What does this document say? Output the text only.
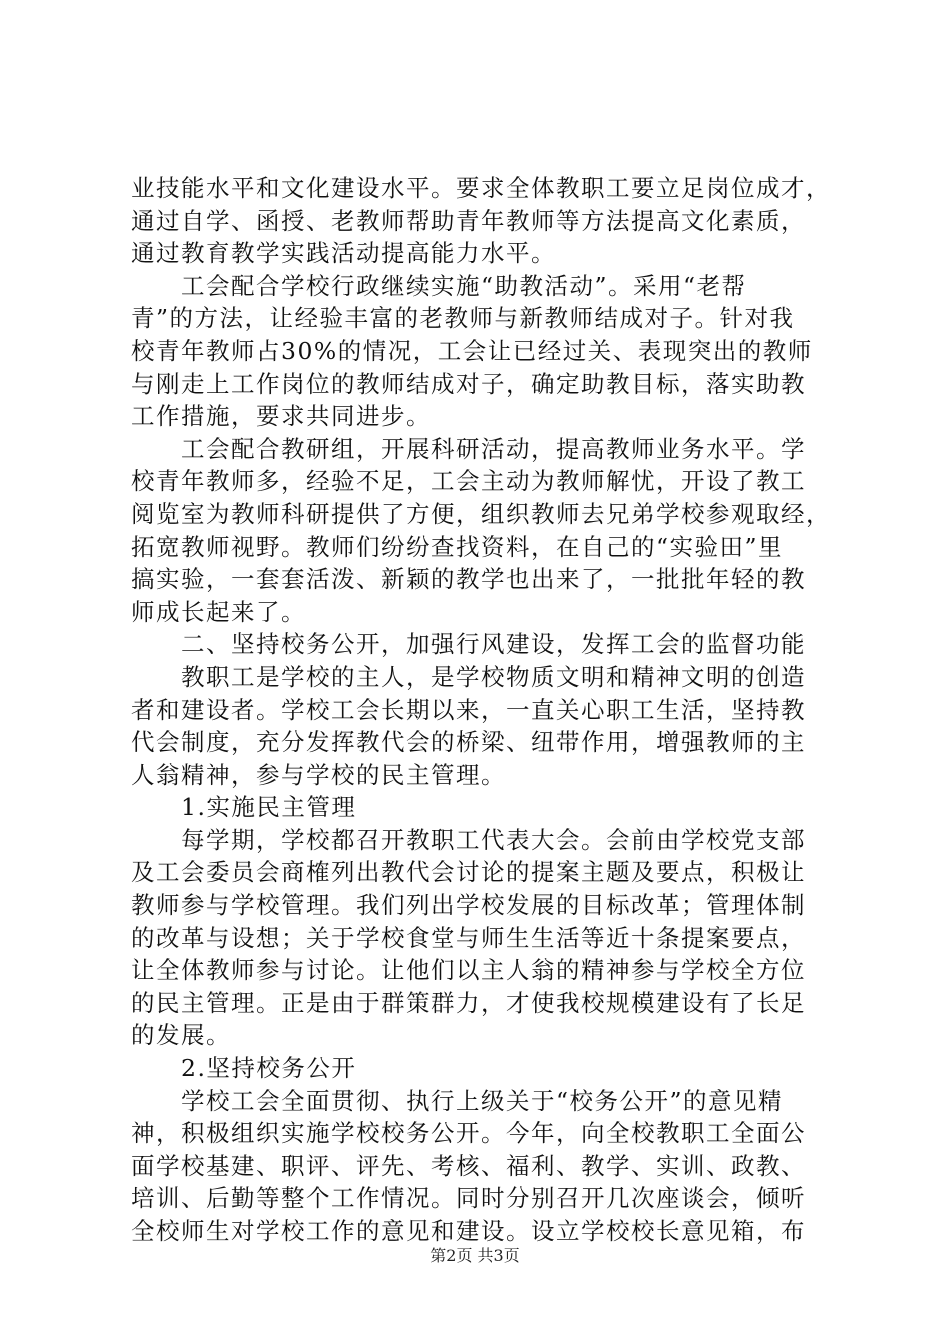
业技能水平和文化建设水平。要求全体教职工要立足岗位成才，
通过自学、函授、老教师帮助青年教师等方法提高文化素质，
通过教育教学实践活动提高能力水平。
工会配合学校行政继续实施“助教活动”。采用“老帮
青”的方法，让经验丰富的老教师与新教师结成对子。针对我
校青年教师占30%的情况，工会让已经过关、表现突出的教师
与刚走上工作岗位的教师结成对子，确定助教目标，落实助教
工作措施，要求共同进步。
工会配合教研组，开展科研活动，提高教师业务水平。学
校青年教师多，经验不足，工会主动为教师解忧，开设了教工
阅览室为教师科研提供了方便，组织教师去兄弟学校参观取经，
拓宽教师视野。教师们纷纷查找资料，在自己的“实验田”里
搞实验，一套套活泼、新颖的教学也出来了，一批批年轻的教
师成长起来了。
二、坚持校务公开，加强行风建设，发挥工会的监督功能
教职工是学校的主人，是学校物质文明和精神文明的创造
者和建设者。学校工会长期以来，一直关心职工生活，坚持教
代会制度，充分发挥教代会的桥梁、纽带作用，增强教师的主
人翁精神，参与学校的民主管理。
1.实施民主管理
每学期，学校都召开教职工代表大会。会前由学校党支部
及工会委员会商榷列出教代会讨论的提案主题及要点，积极让
教师参与学校管理。我们列出学校发展的目标改革；管理体制
的改革与设想；关于学校食堂与师生生活等近十条提案要点，
让全体教师参与讨论。让他们以主人翁的精神参与学校全方位
的民主管理。正是由于群策群力，才使我校规模建设有了长足
的发展。
2.坚持校务公开
学校工会全面贯彻、执行上级关于“校务公开”的意见精
神，积极组织实施学校校务公开。今年，向全校教职工全面公
面学校基建、职评、评先、考核、福利、教学、实训、政教、
培训、后勤等整个工作情况。同时分别召开几次座谈会，倾听
全校师生对学校工作的意见和建设。设立学校校长意见箱，布
第2页 共3页
